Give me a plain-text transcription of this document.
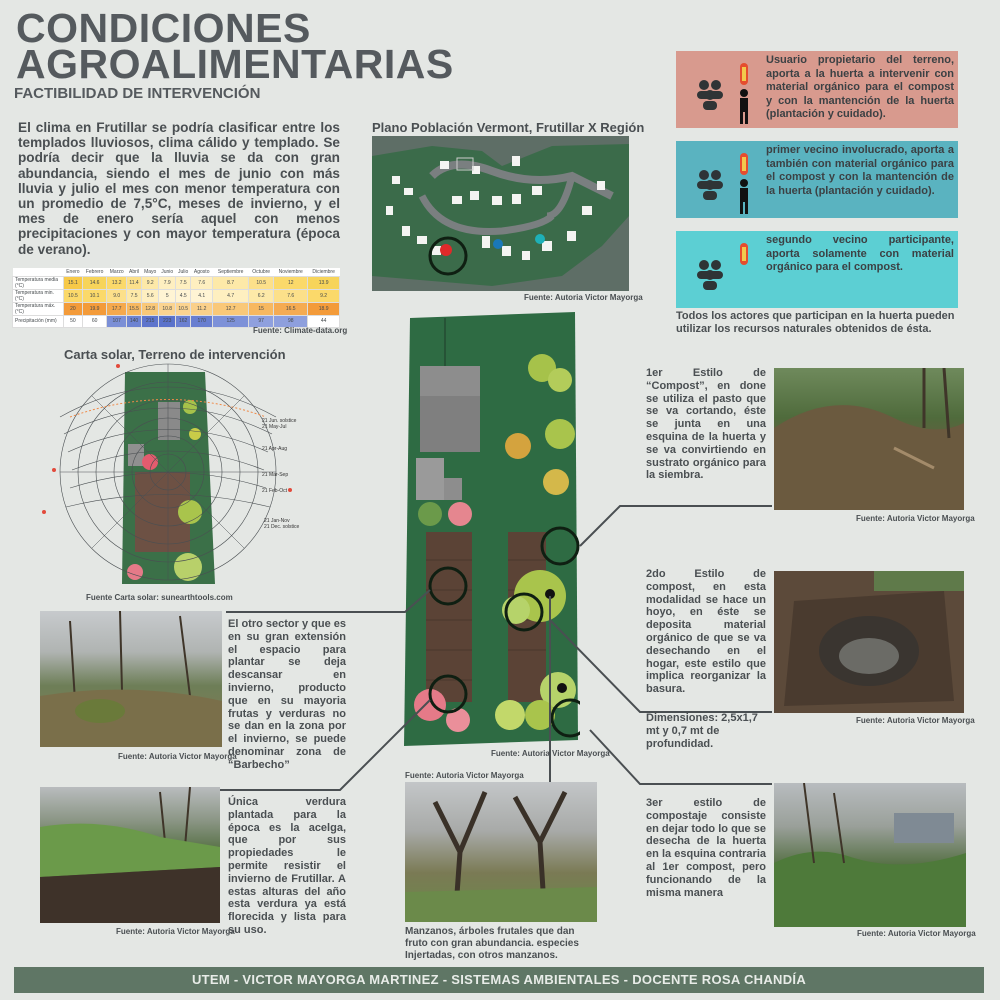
CONDICIONES
AGROALIMENTARIAS
FACTIBILIDAD DE INTERVENCIÓN
El clima en Frutillar se podría clasificar entre los templados lluviosos, clima cálido y templado. Se podría decir que la lluvia se da con gran abundancia, siendo el mes de junio con más lluvia y julio el mes con menor temperatura con un promedio de 7,5°C, meses de invierno, y el mes de enero sería aquel con menos precipitaciones y con mayor temperatura (época de verano).
	Enero	Febrero	Marzo	Abril	Mayo	Junio	Julio	Agosto	Septiembre	Octubre	Noviembre	Diciembre
Temperatura media (°C)	15.1	14.6	13.2	11.4	9.2	7.9	7.5	7.6	8.7	10.5	12	13.9
Temperatura min. (°C)	10.5	10.1	9.0	7.5	5.6	5	4.5	4.1	4.7	6.2	7.6	9.2
Temperatura máx. (°C)	20	19.9	17.7	15.5	12.8	10.8	10.5	11.2	12.7	15	16.5	18.9
Precipitación (mm)	50	60	107	140	215	223	162	170	125	97	98	44
Fuente: Climate-data.org
Carta solar, Terreno de intervención
21 Jun. solstice
21 May-Jul
21 Apr-Aug
21 Mar-Sep
21 Feb-Oct
21 Jan-Nov
21 Dec. solstice
Fuente Carta solar: sunearthtools.com
Plano Población Vermont, Frutillar X Región
Fuente: Autoria Victor Mayorga
Usuario propietario del terreno, aporta a la huerta a intervenir con material orgánico para el compost y con la mantención de la huerta (plantación y cuidado).
primer vecino involucrado, aporta a también con material orgánico para el compost y con la mantención de la huerta (plantación y cuidado).
segundo vecino participante, aporta solamente con material orgánico para el compost.
Todos los actores que participan en la huerta pueden utilizar los recursos naturales obtenidos de ésta.
Fuente: Autoria Victor Mayorga
1er Estilo de “Compost”, en done se utiliza el pasto que se va cortando, éste se junta en una esquina de la huerta y se va convirtiendo en sustrato orgánico para la siembra.
Fuente: Autoria Victor Mayorga
2do Estilo de compost, en esta modalidad se hace un hoyo, en éste se deposita material orgánico de que se va desechando en el hogar, este estilo que implica reorganizar la basura.
Dimensiones: 2,5x1,7 mt y 0,7 mt de profundidad.
Fuente: Autoria Victor Mayorga
3er estilo de compostaje consiste en dejar todo lo que se desecha de la huerta en la esquina contraria al 1er compost, pero funcionando de la misma manera
Fuente: Autoria Victor Mayorga
Fuente: Autoria Victor Mayorga
El otro sector y que es en su gran extensión el espacio para plantar se deja descansar en invierno, producto que en su mayoria frutas y verduras no se dan en la zona por el invierno, se puede denominar zona de “Barbecho”
Fuente: Autoria Victor Mayorga
Única verdura plantada para la época es la acelga, que por sus propiedades le permite resistir el invierno de Frutillar. A estas alturas del año esta verdura ya está florecida y lista para su uso.
Fuente: Autoria Victor Mayorga
Manzanos, árboles frutales que dan fruto con gran abundancia. especies Injertadas, con otros manzanos.
UTEM - VICTOR MAYORGA MARTINEZ - SISTEMAS AMBIENTALES - DOCENTE ROSA CHANDÍA
